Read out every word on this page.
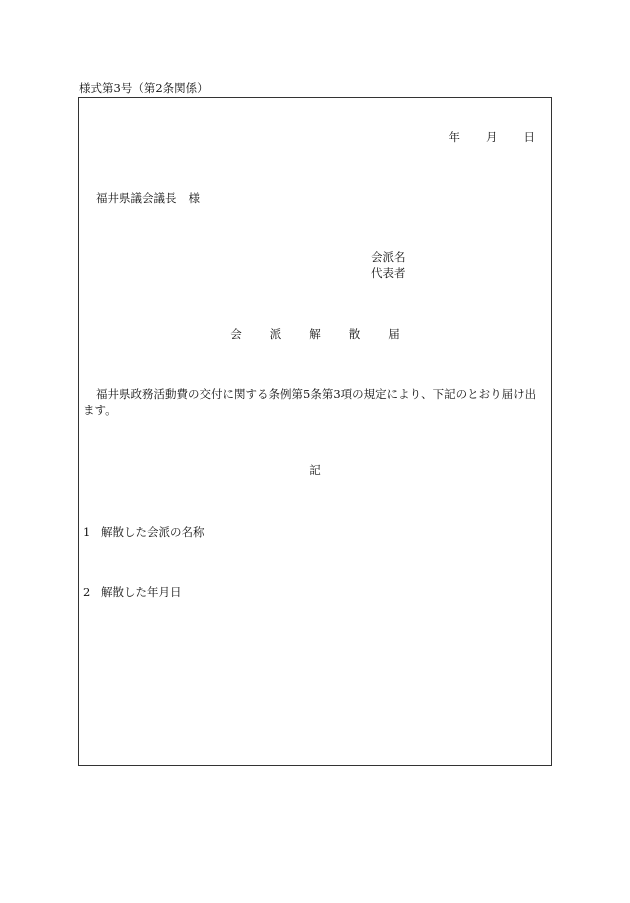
様式第3号（第2条関係）
年 月 日
福井県議会議長 様
会派名
代表者
会 派 解 散 届
福井県政務活動費の交付に関する条例第5条第3項の規定により、下記のとおり届け出ます。
記
1 解散した会派の名称
2 解散した年月日
